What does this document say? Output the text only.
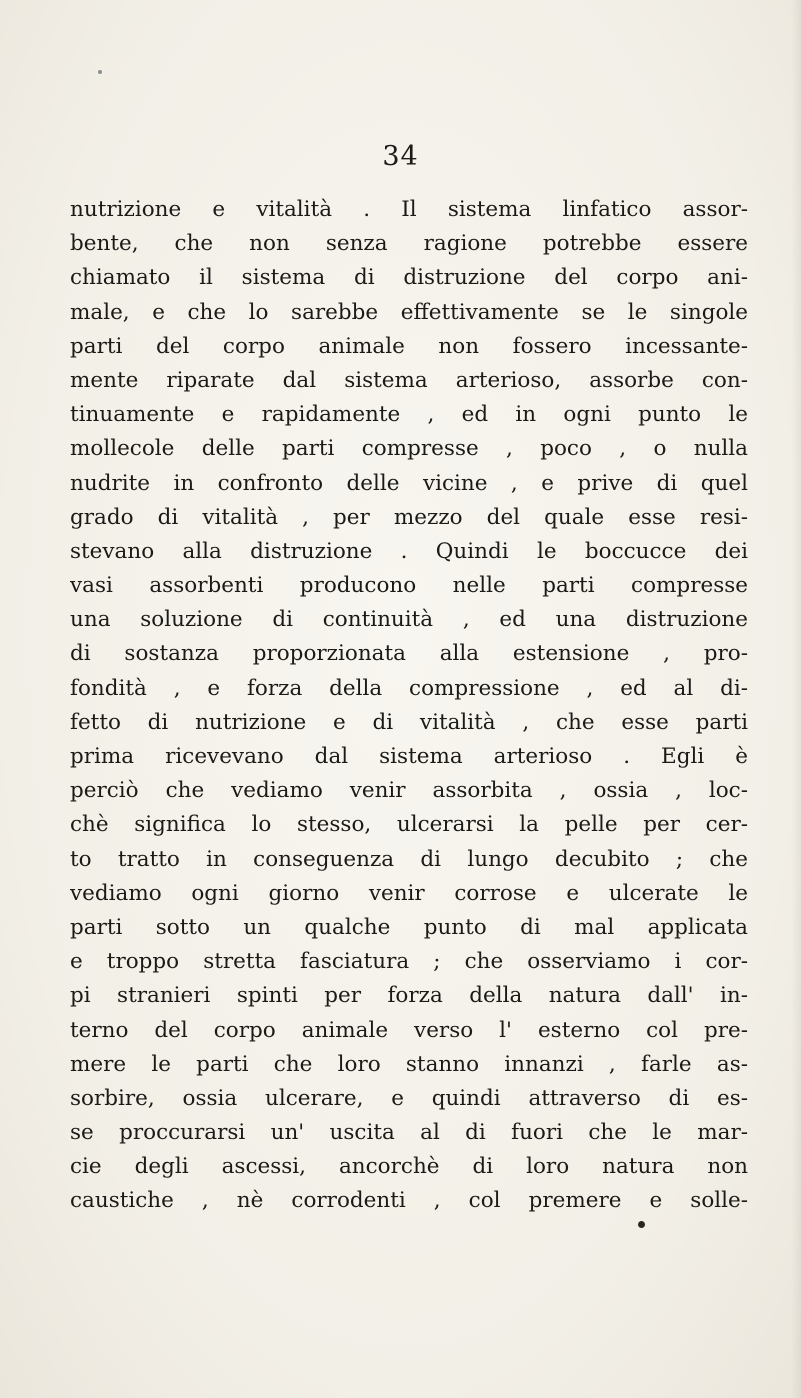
34
nutrizione e vitalità . Il sistema linfatico assor-
bente, che non senza ragione potrebbe essere
chiamato il sistema di distruzione del corpo ani-
male, e che lo sarebbe effettivamente se le singole
parti del corpo animale non fossero incessante-
mente riparate dal sistema arterioso, assorbe con-
tinuamente e rapidamente , ed in ogni punto le
mollecole delle parti compresse , poco , o nulla
nudrite in confronto delle vicine , e prive di quel
grado di vitalità , per mezzo del quale esse resi-
stevano alla distruzione . Quindi le boccucce dei
vasi assorbenti producono nelle parti compresse
una soluzione di continuità , ed una distruzione
di sostanza proporzionata alla estensione , pro-
fondità , e forza della compressione , ed al di-
fetto di nutrizione e di vitalità , che esse parti
prima ricevevano dal sistema arterioso . Egli è
perciò che vediamo venir assorbita , ossia , loc-
chè significa lo stesso, ulcerarsi la pelle per cer-
to tratto in conseguenza di lungo decubito ; che
vediamo ogni giorno venir corrose e ulcerate le
parti sotto un qualche punto di mal applicata
e troppo stretta fasciatura ; che osserviamo i cor-
pi stranieri spinti per forza della natura dall' in-
terno del corpo animale verso l' esterno col pre-
mere le parti che loro stanno innanzi , farle as-
sorbire, ossia ulcerare, e quindi attraverso di es-
se proccurarsi un' uscita al di fuori che le mar-
cie degli ascessi, ancorchè di loro natura non
caustiche , nè corrodenti , col premere e solle-
